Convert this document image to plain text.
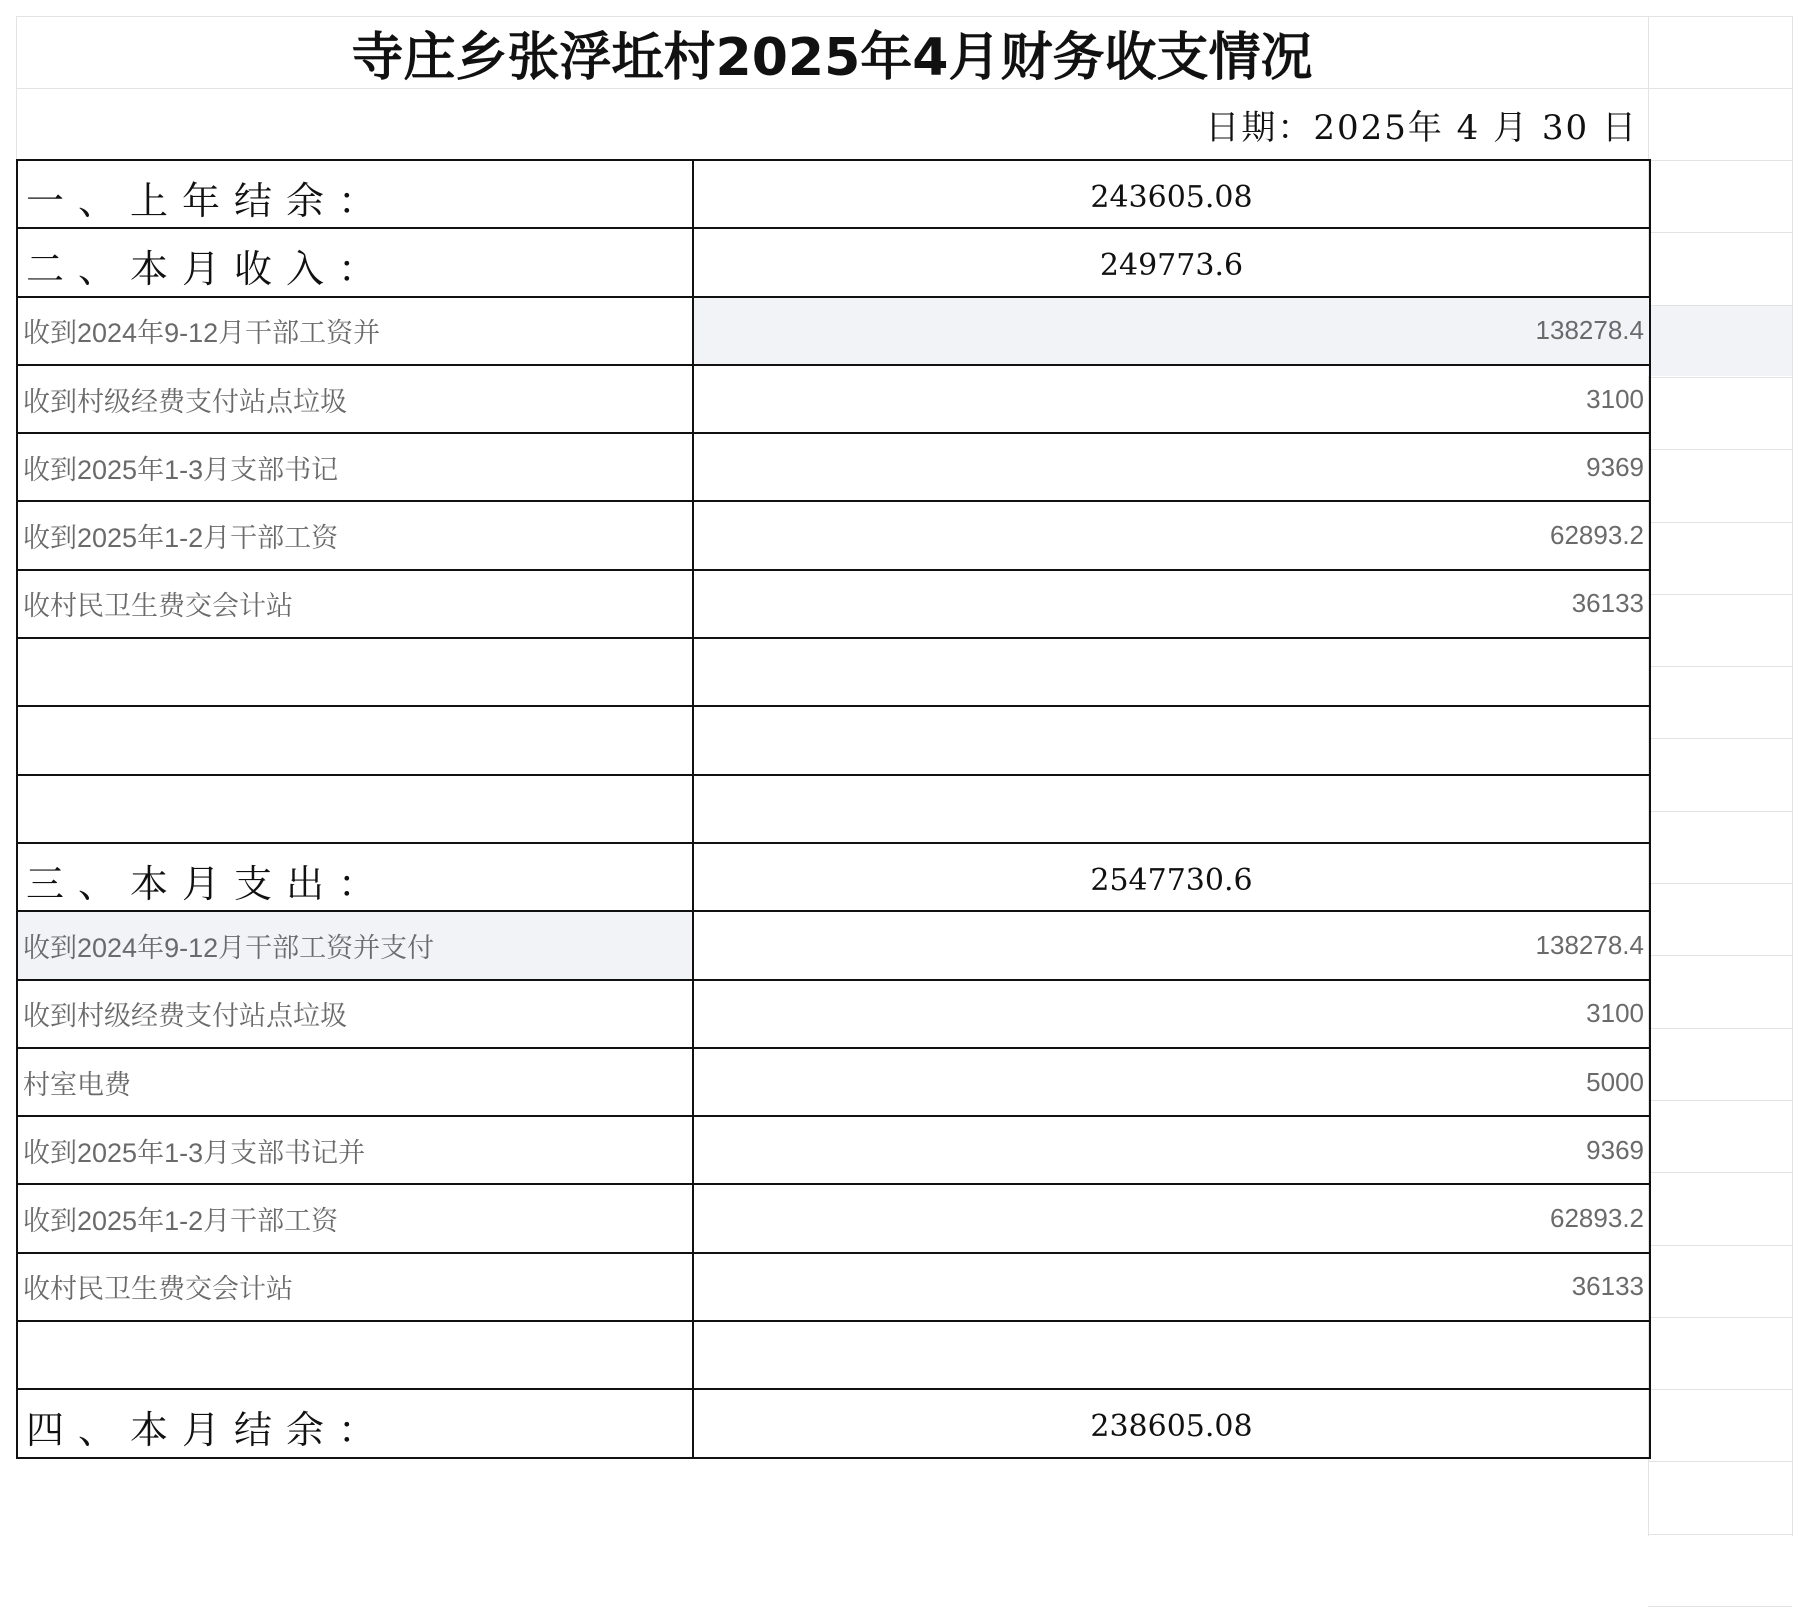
寺庄乡张浮坵村2025年4月财务收支情况
日期：2025年 4 月 30 日
一、上年结余：	243605.08
二、本月收入：	249773.6
收到2024年9-12月干部工资并	138278.4
收到村级经费支付站点垃圾	3100
收到2025年1-3月支部书记	9369
收到2025年1-2月干部工资	62893.2
收村民卫生费交会计站	36133

三、本月支出：	2547730.6
收到2024年9-12月干部工资并支付	138278.4
收到村级经费支付站点垃圾	3100
村室电费	5000
收到2025年1-3月支部书记并	9369
收到2025年1-2月干部工资	62893.2
收村民卫生费交会计站	36133

四、本月结余：	238605.08
